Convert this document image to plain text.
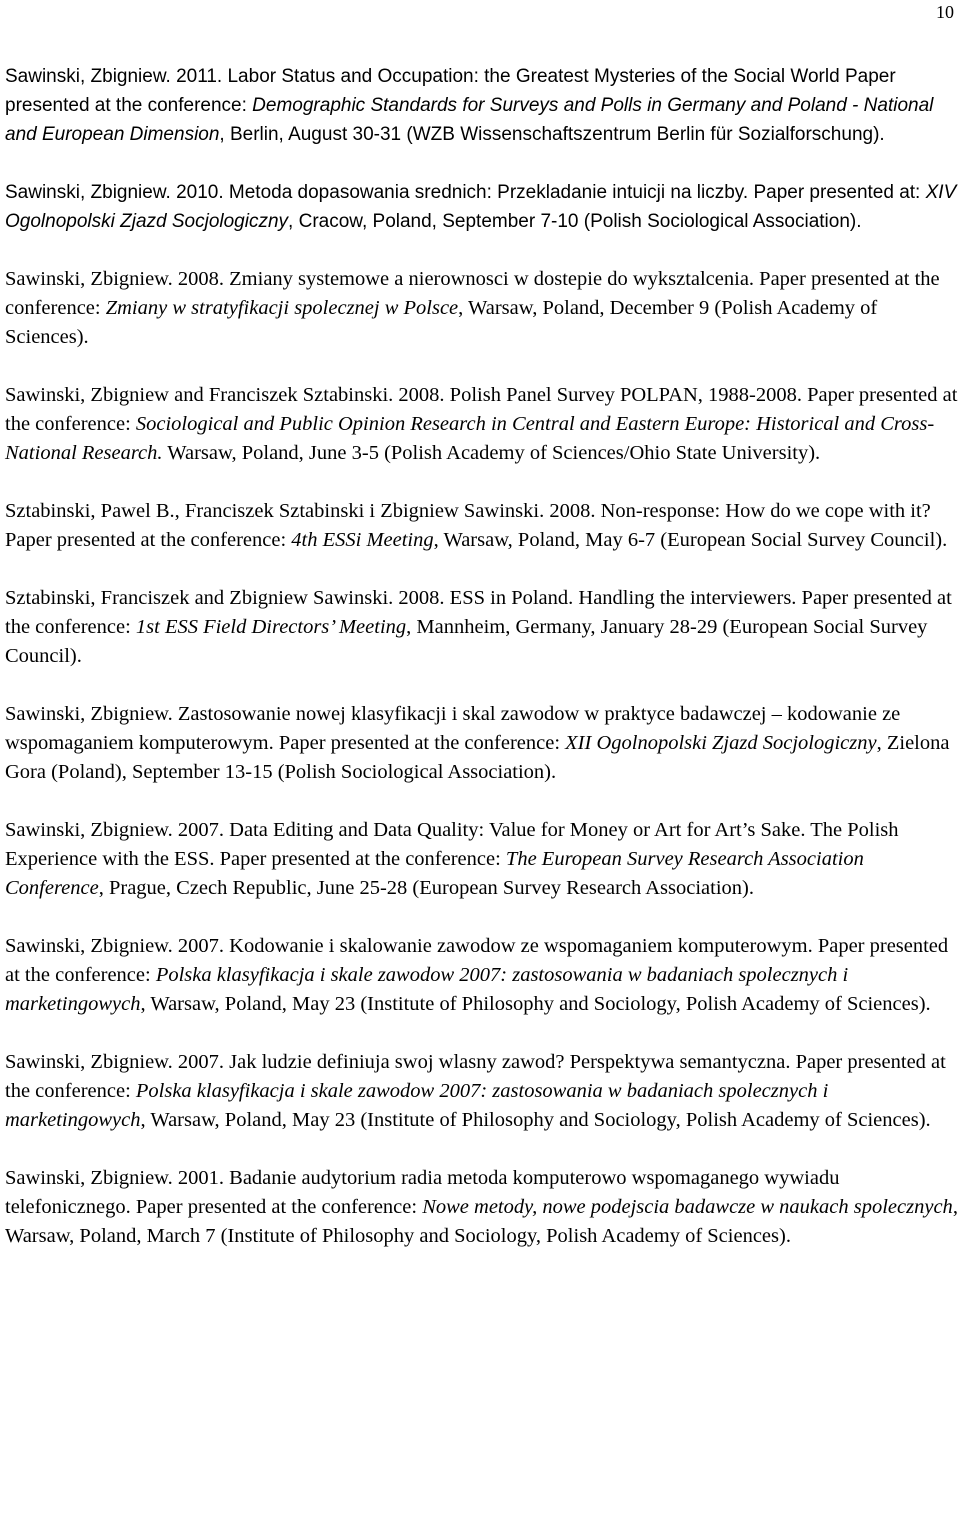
10

Sawinski, Zbigniew. 2011. Labor Status and Occupation: the Greatest Mysteries of the Social World Paper presented at the conference: Demographic Standards for Surveys and Polls in Germany and Poland - National and European Dimension, Berlin, August 30-31 (WZB Wissenschaftszentrum Berlin für Sozialforschung).

Sawinski, Zbigniew. 2010. Metoda dopasowania srednich: Przekladanie intuicji na liczby. Paper presented at: XIV Ogolnopolski Zjazd Socjologiczny, Cracow, Poland, September 7-10 (Polish Sociological Association).

Sawinski, Zbigniew. 2008. Zmiany systemowe a nierownosci w dostepie do wyksztalcenia. Paper presented at the conference: Zmiany w stratyfikacji spolecznej w Polsce, Warsaw, Poland, December 9 (Polish Academy of Sciences).

Sawinski, Zbigniew and Franciszek Sztabinski. 2008. Polish Panel Survey POLPAN, 1988-2008. Paper presented at the conference: Sociological and Public Opinion Research in Central and Eastern Europe: Historical and Cross-National Research. Warsaw, Poland, June 3-5 (Polish Academy of Sciences/Ohio State University).

Sztabinski, Pawel B., Franciszek Sztabinski i Zbigniew Sawinski. 2008. Non-response: How do we cope with it? Paper presented at the conference: 4th ESSi Meeting, Warsaw, Poland, May 6-7 (European Social Survey Council).

Sztabinski, Franciszek and Zbigniew Sawinski. 2008. ESS in Poland. Handling the interviewers. Paper presented at the conference: 1st ESS Field Directors’ Meeting, Mannheim, Germany, January 28-29 (European Social Survey Council).

Sawinski, Zbigniew. Zastosowanie nowej klasyfikacji i skal zawodow w praktyce badawczej – kodowanie ze wspomaganiem komputerowym. Paper presented at the conference: XII Ogolnopolski Zjazd Socjologiczny, Zielona Gora (Poland), September 13-15 (Polish Sociological Association).

Sawinski, Zbigniew. 2007. Data Editing and Data Quality: Value for Money or Art for Art’s Sake. The Polish Experience with the ESS. Paper presented at the conference: The European Survey Research Association Conference, Prague, Czech Republic, June 25-28 (European Survey Research Association).

Sawinski, Zbigniew. 2007. Kodowanie i skalowanie zawodow ze wspomaganiem komputerowym. Paper presented at the conference: Polska klasyfikacja i skale zawodow 2007: zastosowania w badaniach spolecznych i marketingowych, Warsaw, Poland, May 23 (Institute of Philosophy and Sociology, Polish Academy of Sciences).

Sawinski, Zbigniew. 2007. Jak ludzie definiuja swoj wlasny zawod? Perspektywa semantyczna. Paper presented at the conference: Polska klasyfikacja i skale zawodow 2007: zastosowania w badaniach spolecznych i marketingowych, Warsaw, Poland, May 23 (Institute of Philosophy and Sociology, Polish Academy of Sciences).

Sawinski, Zbigniew. 2001. Badanie audytorium radia metoda komputerowo wspomaganego wywiadu telefonicznego. Paper presented at the conference: Nowe metody, nowe podejscia badawcze w naukach spolecznych, Warsaw, Poland, March 7 (Institute of Philosophy and Sociology, Polish Academy of Sciences).
